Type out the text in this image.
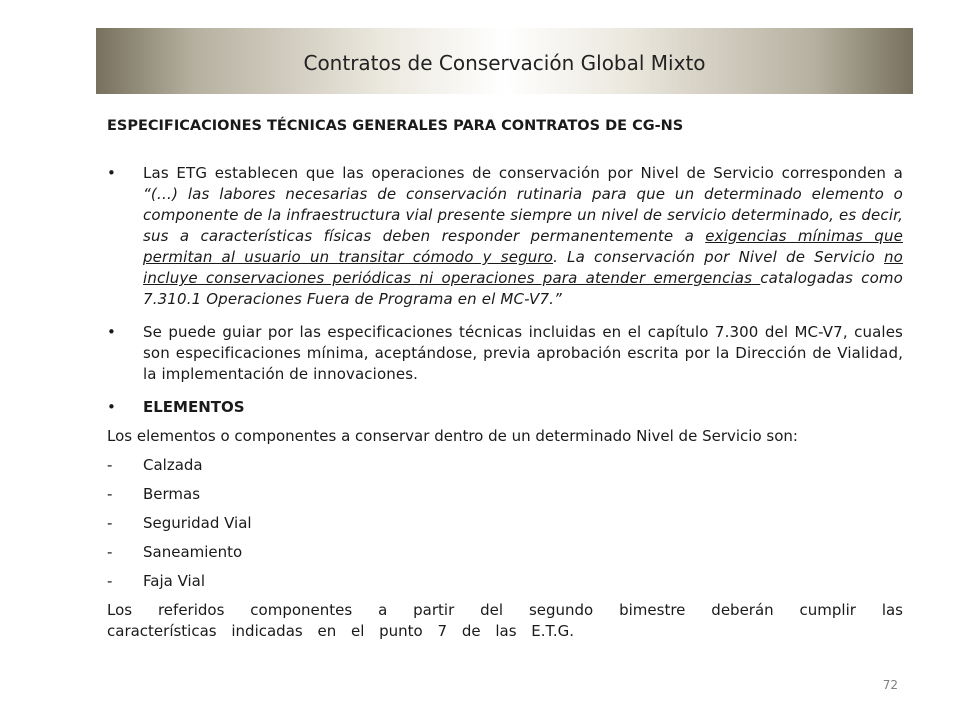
Contratos de Conservación Global Mixto

ESPECIFICACIONES TÉCNICAS GENERALES PARA CONTRATOS DE CG-NS

• Las ETG establecen que las operaciones de conservación por Nivel de Servicio corresponden a “(…) las labores necesarias de conservación rutinaria para que un determinado elemento o componente de la infraestructura vial presente siempre un nivel de servicio determinado, es decir, sus a características físicas deben responder permanentemente a exigencias mínimas que permitan al usuario un transitar cómodo y seguro. La conservación por Nivel de Servicio no incluye conservaciones periódicas ni operaciones para atender emergencias catalogadas como 7.310.1 Operaciones Fuera de Programa en el MC-V7.”
• Se puede guiar por las especificaciones técnicas incluidas en el capítulo 7.300 del MC-V7, cuales son especificaciones mínima, aceptándose, previa aprobación escrita por la Dirección de Vialidad, la implementación de innovaciones.
• ELEMENTOS

Los elementos o componentes a conservar dentro de un determinado Nivel de Servicio son:

- Calzada
- Bermas
- Seguridad Vial
- Saneamiento
- Faja Vial

Los referidos componentes a partir del segundo bimestre deberán cumplir las características indicadas en el punto 7 de las E.T.G.

72
